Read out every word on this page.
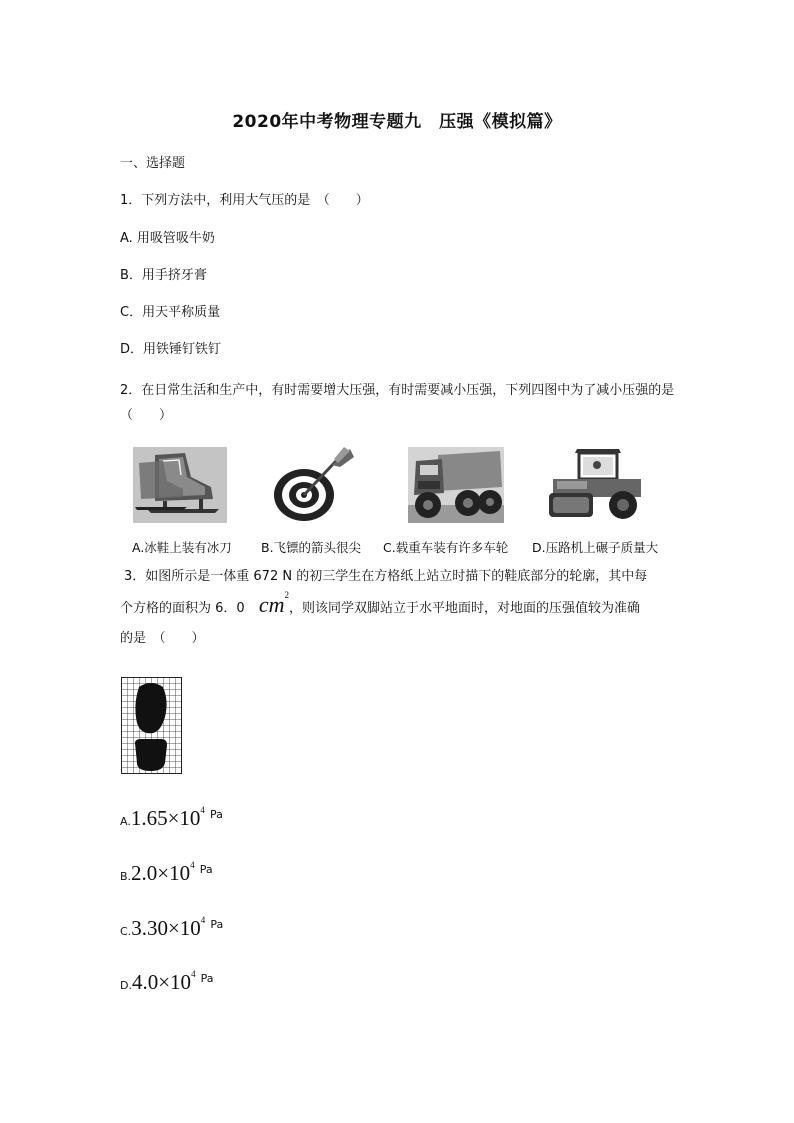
2020年中考物理专题九　压强《模拟篇》
一、选择题
1．下列方法中，利用大气压的是　（　　）
A. 用吸管吸牛奶
B．用手挤牙膏
C．用天平称质量
D．用铁锤钉铁钉
2．在日常生活和生产中，有时需要增大压强，有时需要减小压强，下列四图中为了减小压强的是　（　　）
A.冰鞋上装有冰刀 B.飞镖的箭头很尖 C.载重车装有许多车轮 D.压路机上碾子质量大
3．如图所示是一体重 672 N 的初三学生在方格纸上站立时描下的鞋底部分的轮廓，其中每
个方格的面积为 6．0 $cm^2$，则该同学双脚站立于水平地面时，对地面的压强值较为准确
的是　（　　）
$A.1.65\times 10^4$ $^{Pa}$
$B.2.0\times 10^4$ $^{Pa}$
$C.3.30\times 10^4$ $^{Pa}$
$D.4.0\times 10^4$ $^{Pa}$
